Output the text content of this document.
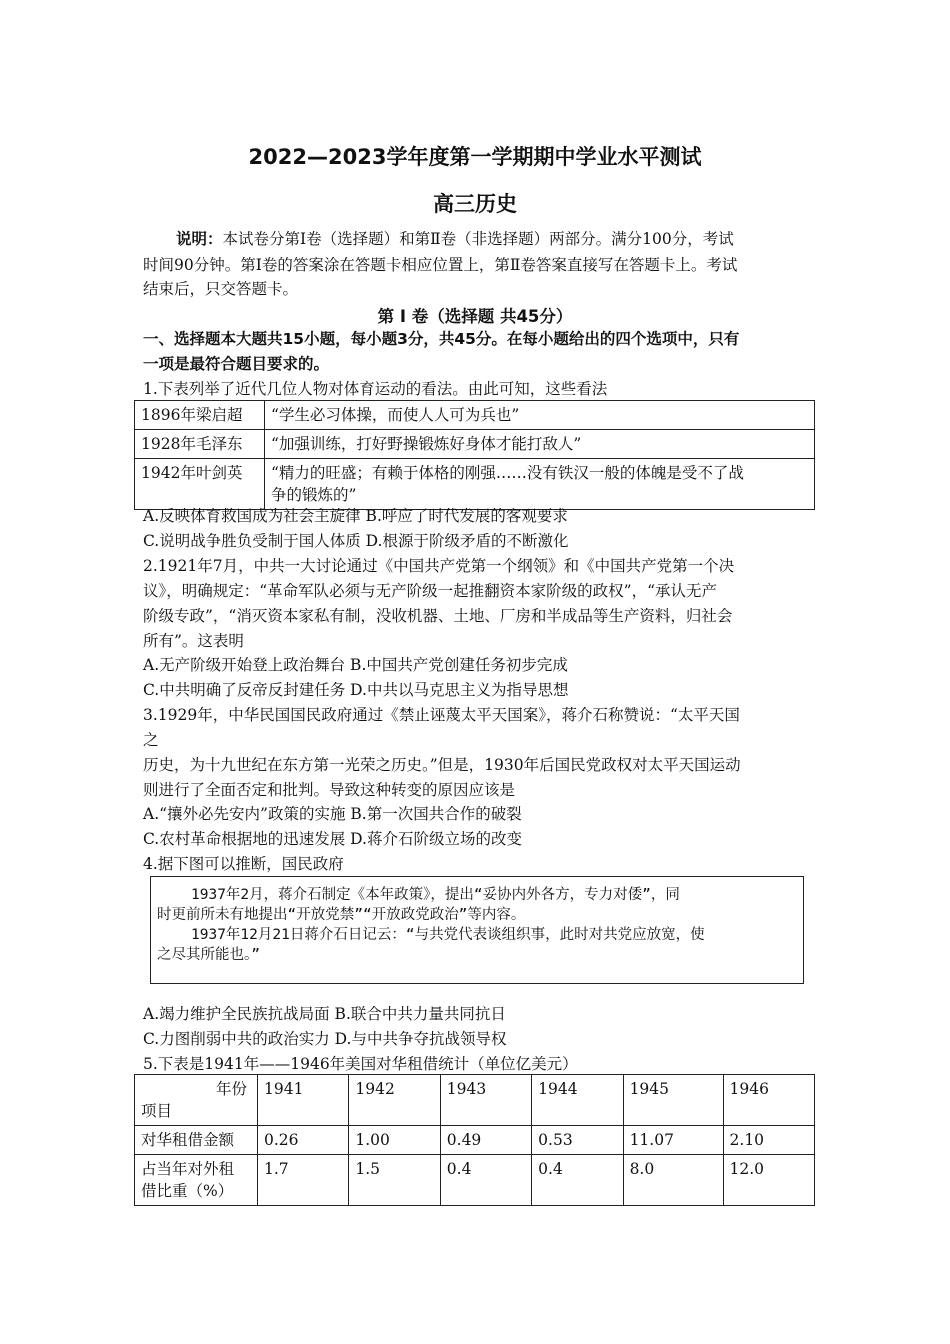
2022—2023学年度第一学期期中学业水平测试
高三历史
说明：本试卷分第Ⅰ卷（选择题）和第Ⅱ卷（非选择题）两部分。满分100分，考试
时间90分钟。第Ⅰ卷的答案涂在答题卡相应位置上，第Ⅱ卷答案直接写在答题卡上。考试
结束后，只交答题卡。
第 Ⅰ 卷（选择题 共45分）
一、选择题本大题共15小题，每小题3分，共45分。在每小题给出的四个选项中，只有
一项是最符合题目要求的。
1.下表列举了近代几位人物对体育运动的看法。由此可知，这些看法
1896年梁启超	“学生必习体操，而使人人可为兵也”
1928年毛泽东	“加强训练，打好野操锻炼好身体才能打敌人”
1942年叶剑英	“精力的旺盛；有赖于体格的刚强……没有铁汉一般的体魄是受不了战
争的锻炼的”
A.反映体育救国成为社会主旋律 B.呼应了时代发展的客观要求
C.说明战争胜负受制于国人体质 D.根源于阶级矛盾的不断激化
2.1921年7月，中共一大讨论通过《中国共产党第一个纲领》和《中国共产党第一个决
议》，明确规定：“革命军队必须与无产阶级一起推翻资本家阶级的政权”，“承认无产
阶级专政”，“消灭资本家私有制，没收机器、土地、厂房和半成品等生产资料，归社会
所有”。这表明
A.无产阶级开始登上政治舞台 B.中国共产党创建任务初步完成
C.中共明确了反帝反封建任务 D.中共以马克思主义为指导思想
3.1929年，中华民国国民政府通过《禁止诬蔑太平天国案》，蒋介石称赞说：“太平天国
之
历史，为十九世纪在东方第一光荣之历史。”但是，1930年后国民党政权对太平天国运动
则进行了全面否定和批判。导致这种转变的原因应该是
A.“攘外必先安内”政策的实施 B.第一次国共合作的破裂
C.农村革命根据地的迅速发展 D.蒋介石阶级立场的改变
4.据下图可以推断，国民政府
1937年2月，蒋介石制定《本年政策》，提出“妥协内外各方，专力对倭”，同
时更前所未有地提出“开放党禁”“开放政党政治”等内容。
1937年12月21日蒋介石日记云：“与共党代表谈组织事，此时对共党应放宽，使
之尽其所能也。”
A.竭力维护全民族抗战局面 B.联合中共力量共同抗日
C.力图削弱中共的政治实力 D.与中共争夺抗战领导权
5.下表是1941年——1946年美国对华租借统计（单位亿美元）
年份
项目	1941	1942	1943	1944	1945	1946
对华租借金额	0.26	1.00	0.49	0.53	11.07	2.10

占当年对外租
借比重（%）	1.7	1.5	0.4	0.4	8.0	12.0
